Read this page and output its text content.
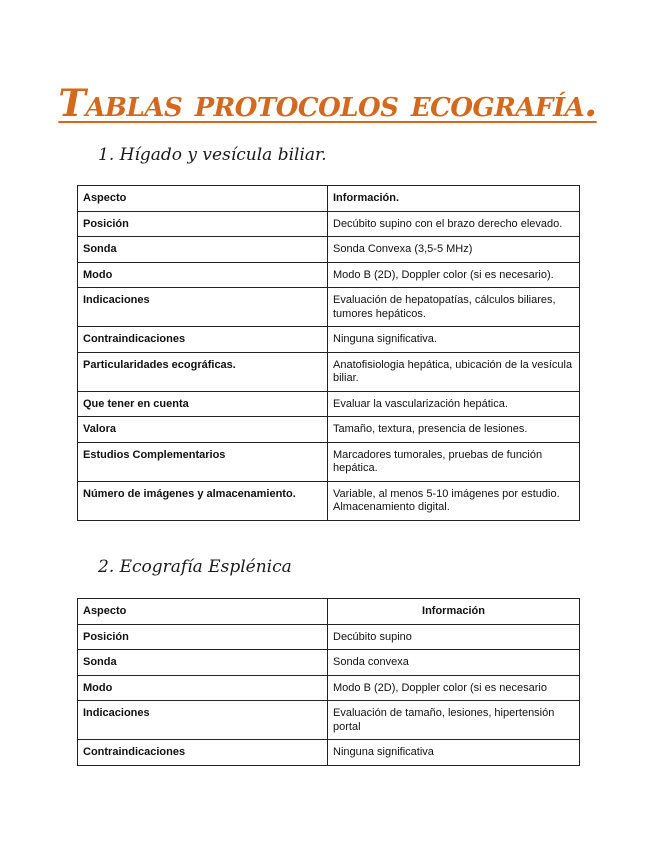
Tablas protocolos ecografía.
1. Hígado y vesícula biliar.
Aspecto	Información.
Posición	Decúbito supino con el brazo derecho elevado.
Sonda	Sonda Convexa (3,5-5 MHz)
Modo	Modo B (2D), Doppler color (si es necesario).
Indicaciones	Evaluación de hepatopatías, cálculos biliares, tumores hepáticos.
Contraindicaciones	Ninguna significativa.
Particularidades ecográficas.	Anatofisiologia hepática, ubicación de la vesícula biliar.
Que tener en cuenta	Evaluar la vascularización hepática.
Valora	Tamaño, textura, presencia de lesiones.
Estudios Complementarios	Marcadores tumorales, pruebas de función hepática.
Número de imágenes y almacenamiento.	Variable, al menos 5-10 imágenes por estudio. Almacenamiento digital.
2. Ecografía Esplénica
Aspecto	Información
Posición	Decúbito supino
Sonda	Sonda convexa
Modo	Modo B (2D), Doppler color (si es necesario
Indicaciones	Evaluación de tamaño, lesiones, hipertensión portal
Contraindicaciones	Ninguna significativa
